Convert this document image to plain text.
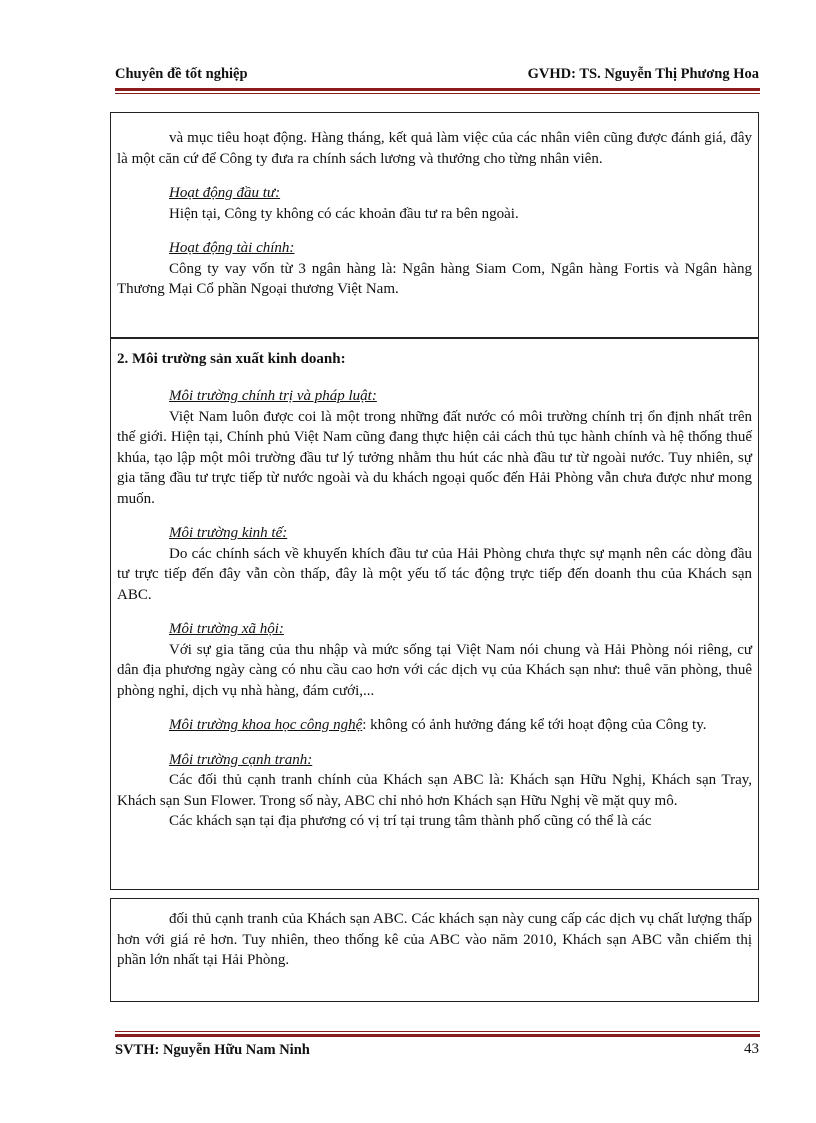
Chuyên đề tốt nghiệp	GVHD: TS. Nguyễn Thị Phương Hoa

và mục tiêu hoạt động. Hàng tháng, kết quả làm việc của các nhân viên cũng được đánh giá, đây là một căn cứ để Công ty đưa ra chính sách lương và thưởng cho từng nhân viên.

Hoạt động đầu tư:

Hiện tại, Công ty không có các khoản đầu tư ra bên ngoài.

Hoạt động tài chính:

Công ty vay vốn từ 3 ngân hàng là: Ngân hàng Siam Com, Ngân hàng Fortis và Ngân hàng Thương Mại Cổ phần Ngoại thương Việt Nam.

2. Môi trường sản xuất kinh doanh:

Môi trường chính trị và pháp luật:

Việt Nam luôn được coi là một trong những đất nước có môi trường chính trị ổn định nhất trên thế giới. Hiện tại, Chính phủ Việt Nam cũng đang thực hiện cải cách thủ tục hành chính và hệ thống thuế khúa, tạo lập một môi trường đầu tư lý tưởng nhằm thu hút các nhà đầu tư từ ngoài nước. Tuy nhiên, sự gia tăng đầu tư trực tiếp từ nước ngoài và du khách ngoại quốc đến Hải Phòng vẫn chưa được như mong muốn.

Môi trường kinh tế:

Do các chính sách về khuyến khích đầu tư của Hải Phòng chưa thực sự mạnh nên các dòng đầu tư trực tiếp đến đây vẫn còn thấp, đây là một yếu tố tác động trực tiếp đến doanh thu của Khách sạn ABC.

Môi trường xã hội:

Với sự gia tăng của thu nhập và mức sống tại Việt Nam nói chung và Hải Phòng nói riêng, cư dân địa phương ngày càng có nhu cầu cao hơn với các dịch vụ của Khách sạn như: thuê văn phòng, thuê phòng nghỉ, dịch vụ nhà hàng, đám cưới,...

Môi trường khoa học công nghệ: không có ảnh hưởng đáng kể tới hoạt động của Công ty.

Môi trường cạnh tranh:

Các đối thủ cạnh tranh chính của Khách sạn ABC là: Khách sạn Hữu Nghị, Khách sạn Tray, Khách sạn Sun Flower. Trong số này, ABC chỉ nhỏ hơn Khách sạn Hữu Nghị về mặt quy mô.

Các khách sạn tại địa phương có vị trí tại trung tâm thành phố cũng có thể là các

đối thủ cạnh tranh của Khách sạn ABC. Các khách sạn này cung cấp các dịch vụ chất lượng thấp hơn với giá rẻ hơn. Tuy nhiên, theo thống kê của ABC vào năm 2010, Khách sạn ABC vẫn chiếm thị phần lớn nhất tại Hải Phòng.

SVTH: Nguyễn Hữu Nam Ninh	43
